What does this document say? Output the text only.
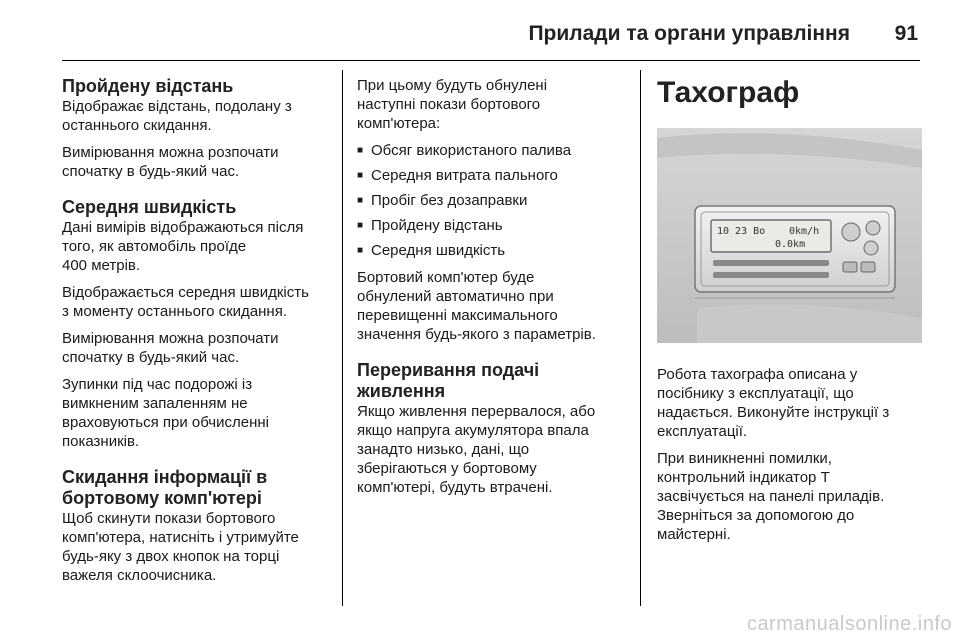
Прилади та органи управління 91
Пройдену відстань

Відображає відстань, подолану з
останнього скидання.

Вимірювання можна розпочати
спочатку в будь-який час.

Середня швидкість

Дані вимірів відображаються після
того, як автомобіль проїде
400 метрів.

Відображається середня швидкість
з моменту останнього скидання.

Вимірювання можна розпочати
спочатку в будь-який час.

Зупинки під час подорожі із
вимкненим запаленням не
враховуються при обчисленні
показників.

Скидання інформації в
бортовому комп'ютері

Щоб скинути покази бортового
комп'ютера, натисніть і утримуйте
будь-яку з двох кнопок на торці
важеля склоочисника.

При цьому будуть обнулені
наступні покази бортового
комп'ютера:

■ Обсяг використаного палива
■ Середня витрата пального
■ Пробіг без дозаправки
■ Пройдену відстань
■ Середня швидкість

Бортовий комп'ютер буде
обнулений автоматично при
перевищенні максимального
значення будь-якого з параметрів.

Переривання подачі
живлення

Якщо живлення перервалося, або
якщо напруга акумулятора впала
занадто низько, дані, що
зберігаються у бортовому
комп'ютері, будуть втрачені.

Тахограф
10 23 Bo 0km/h
0.0km

Робота тахографа описана у
посібнику з експлуатації, що
надається. Виконуйте інструкції з
експлуатації.

При виникненні помилки,
контрольний індикатор T
засвічується на панелі приладів.
Зверніться за допомогою до
майстерні.

carmanualsonline.info
